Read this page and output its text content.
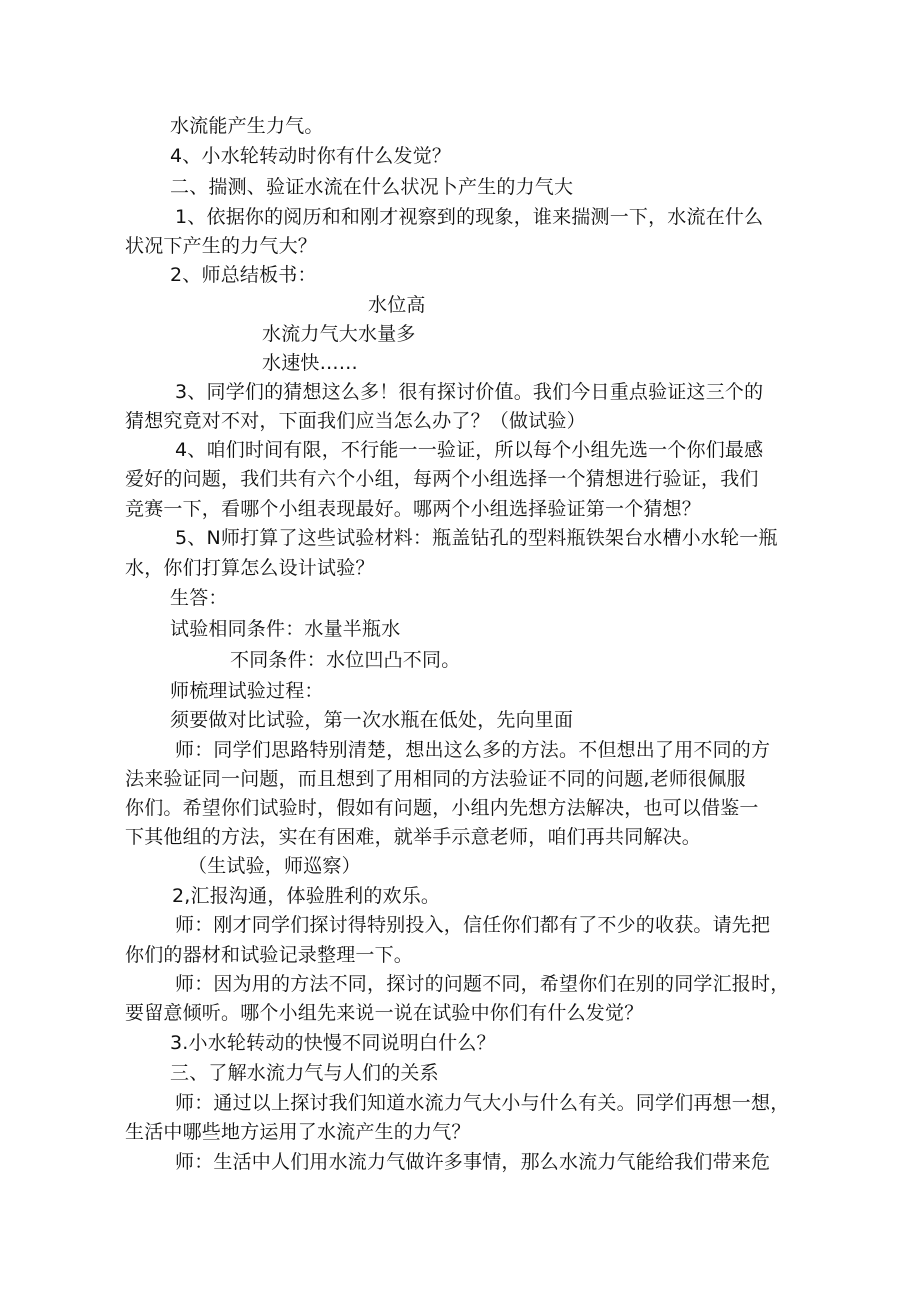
水流能产生力气。
4、小水轮转动时你有什么发觉？
二、揣测、验证水流在什么状况卜产生的力气大
1、依据你的阅历和和刚才视察到的现象，谁来揣测一下，水流在什么
状况下产生的力气大？
2、师总结板书：
水位高
水流力气大水量多
水速快……
3、同学们的猜想这么多！很有探讨价值。我们今日重点验证这三个的
猜想究竟对不对，下面我们应当怎么办了？（做试验）
4、咱们时间有限，不行能一一验证，所以每个小组先选一个你们最感
爱好的问题，我们共有六个小组，每两个小组选择一个猜想进行验证，我们
竞赛一下，看哪个小组表现最好。哪两个小组选择验证第一个猜想？
5、N师打算了这些试验材料：瓶盖钻孔的型料瓶铁架台水槽小水轮一瓶
水，你们打算怎么设计试验？
生答：
试验相同条件：水量半瓶水
不同条件：水位凹凸不同。
师梳理试验过程：
须要做对比试验，第一次水瓶在低处，先向里面
师：同学们思路特别清楚，想出这么多的方法。不但想出了用不同的方
法来验证同一问题，而且想到了用相同的方法验证不同的问题,老师很佩服
你们。希望你们试验时，假如有问题，小组内先想方法解决，也可以借鉴一
下其他组的方法，实在有困难，就举手示意老师，咱们再共同解决。
（生试验，师巡察）
2,汇报沟通，体验胜利的欢乐。
师：刚才同学们探讨得特别投入，信任你们都有了不少的收获。请先把
你们的器材和试验记录整理一下。
师：因为用的方法不同，探讨的问题不同，希望你们在别的同学汇报时，
要留意倾听。哪个小组先来说一说在试验中你们有什么发觉？
3.小水轮转动的快慢不同说明白什么？
三、了解水流力气与人们的关系
师：通过以上探讨我们知道水流力气大小与什么有关。同学们再想一想，
生活中哪些地方运用了水流产生的力气？
师：生活中人们用水流力气做许多事情，那么水流力气能给我们带来危
